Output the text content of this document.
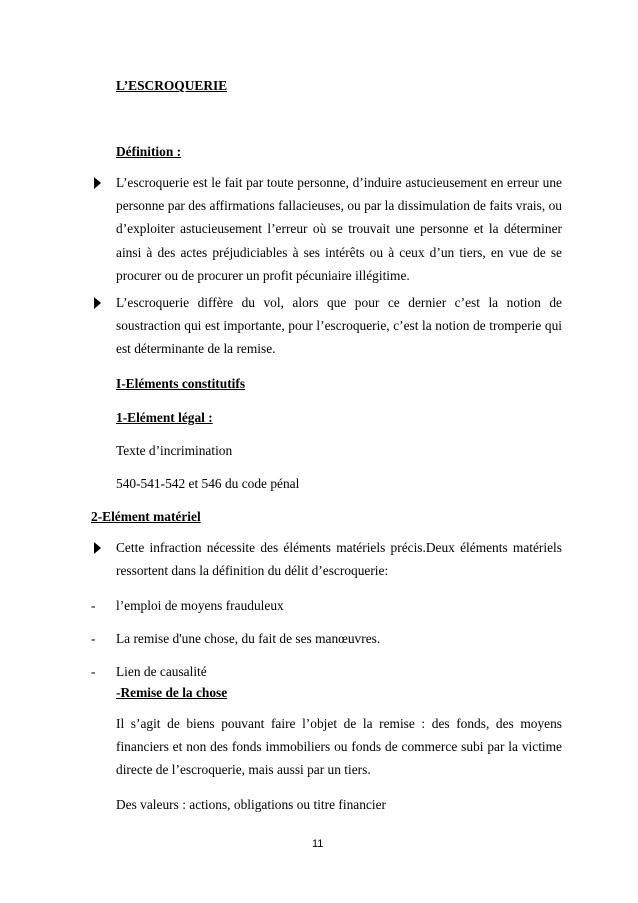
L’ESCROQUERIE
Définition :
L’escroquerie est le fait par toute personne, d’induire astucieusement en erreur une personne par des affirmations fallacieuses, ou par la dissimulation de faits vrais, ou d’exploiter astucieusement l’erreur où se trouvait une personne et la déterminer ainsi à des actes préjudiciables à ses intérêts ou à ceux d’un tiers, en vue de se procurer ou de procurer un profit pécuniaire illégitime.
L’escroquerie diffère du vol, alors que pour ce dernier c’est la notion de soustraction qui est importante, pour l’escroquerie, c’est la notion de tromperie qui est déterminante de la remise.
I-Eléments constitutifs
1-Elément légal :
Texte d’incrimination
540-541-542 et 546 du code pénal
2-Elément matériel
Cette infraction nécessite des éléments matériels précis.Deux éléments matériels ressortent dans la définition du délit d’escroquerie:
- l’emploi de moyens frauduleux
- La remise d'une chose, du fait de ses manœuvres.
- Lien de causalité
-Remise de la chose
Il s’agit de biens pouvant faire l’objet de la remise : des fonds, des moyens financiers et non des fonds immobiliers ou fonds de commerce subi par la victime directe de l’escroquerie, mais aussi par un tiers.
Des valeurs : actions, obligations ou titre financier
11
